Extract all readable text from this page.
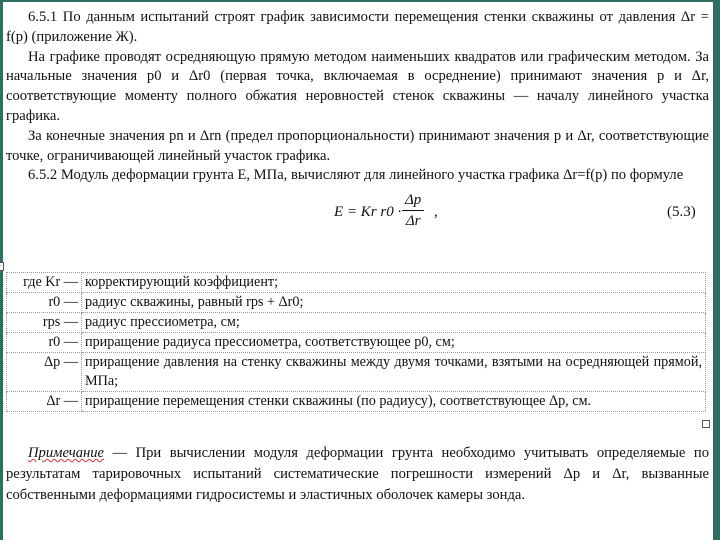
6.5.1 По данным испытаний строят график зависимости перемещения стенки скважины от давления Δr = f(p) (приложение Ж).

На графике проводят осредняющую прямую методом наименьших квадратов или графическим методом. За начальные значения p0 и Δr0 (первая точка, включаемая в осреднение) принимают значения p и Δr, соответствующие моменту полного обжатия неровностей стенок скважины — началу линейного участка графика.

За конечные значения pn и Δrn (предел пропорциональности) принимают значения p и Δr, соответствующие точке, ограничивающей линейный участок графика.

6.5.2 Модуль деформации грунта E, МПа, вычисляют для линейного участка графика Δr=f(p) по формуле

E = Kr r0 ·
Δp
Δr
,	(5.3)
где Kr —	корректирующий коэффициент;
r0 —	радиус скважины, равный rps + Δr0;
rps —	радиус прессиометра, см;
r0 —	приращение радиуса прессиометра, соответствующее p0, см;
Δp —	приращение давления на стенку скважины между двумя точками, взятыми на осредняющей прямой, МПа;
Δr —	приращение перемещения стенки скважины (по радиусу), соответствующее Δp, см.

Примечание — При вычислении модуля деформации грунта необходимо учитывать определяемые по результатам тарировочных испытаний систематические погрешности измерений Δp и Δr, вызванные собственными деформациями гидросистемы и эластичных оболочек камеры зонда.
